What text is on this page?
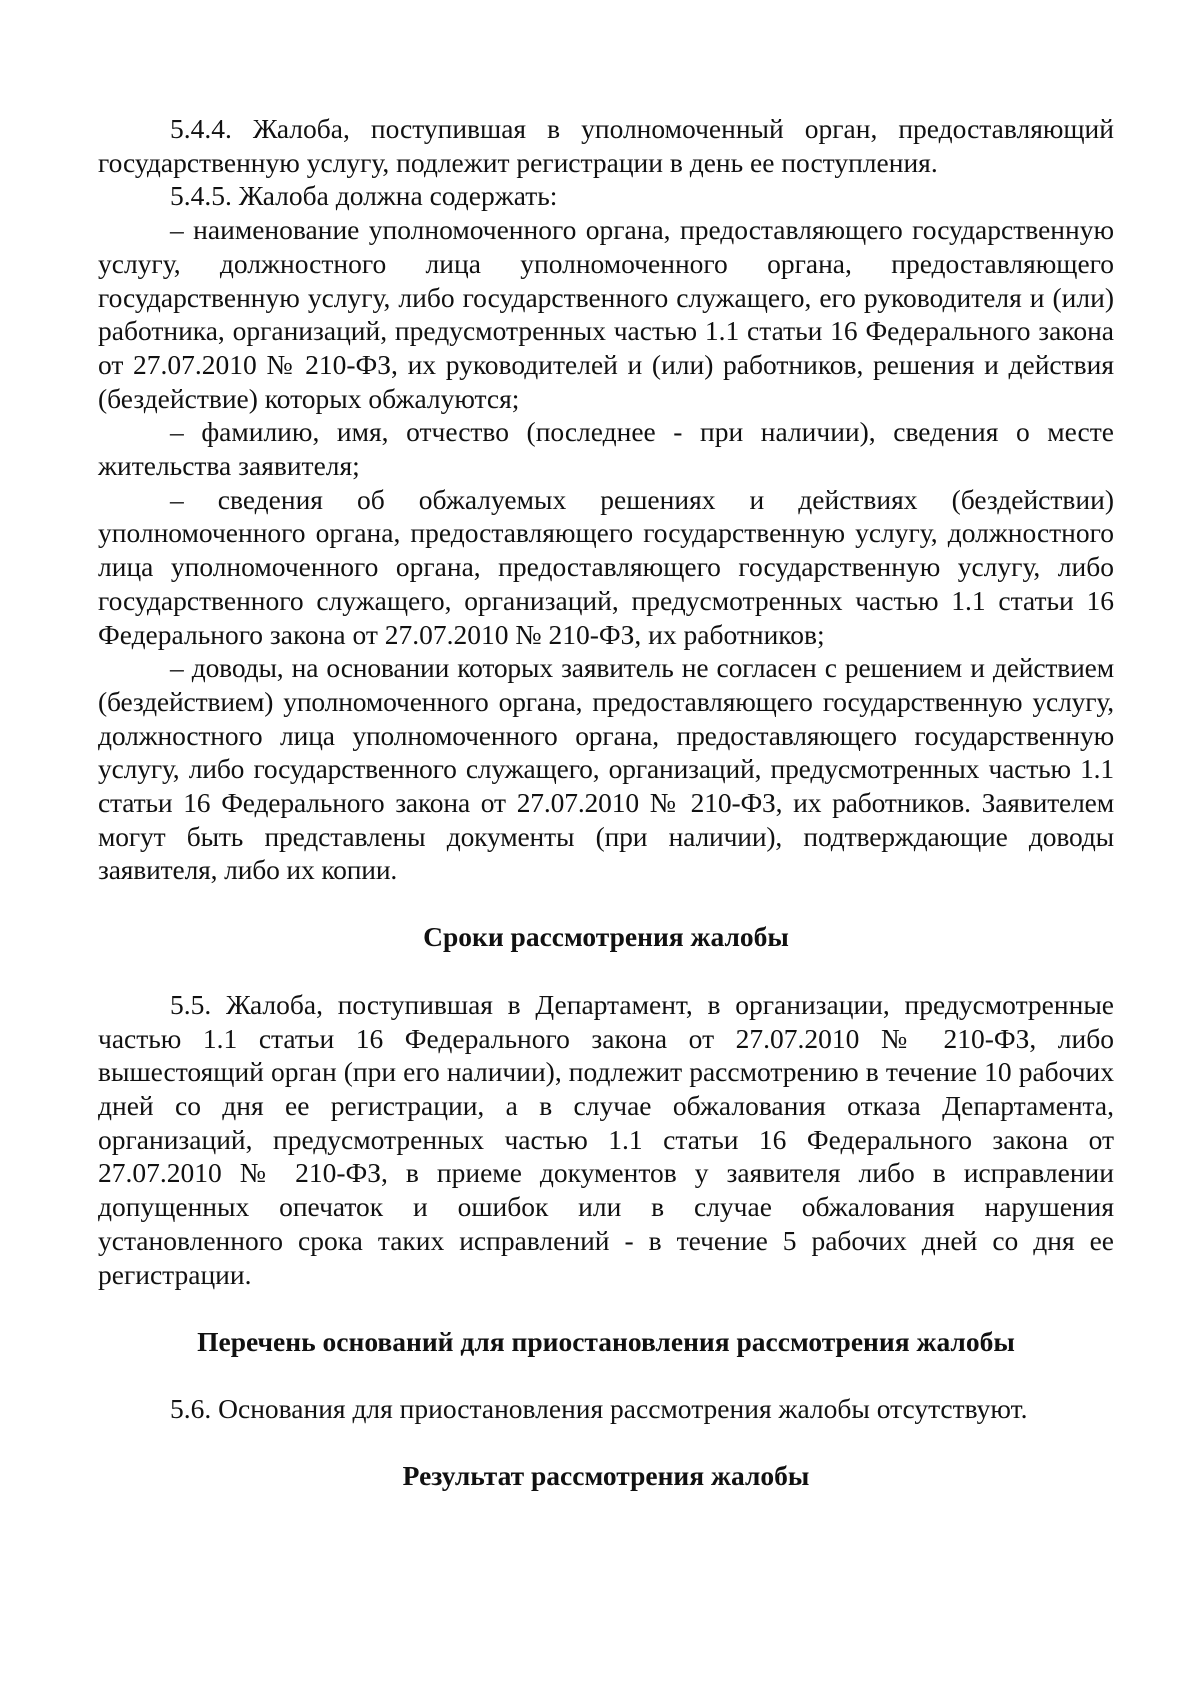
5.4.4. Жалоба, поступившая в уполномоченный орган, предоставляющий государственную услугу, подлежит регистрации в день ее поступления.

5.4.5. Жалоба должна содержать:

– наименование уполномоченного органа, предоставляющего государственную услугу, должностного лица уполномоченного органа, предоставляющего государственную услугу, либо государственного служащего, его руководителя и (или) работника, организаций, предусмотренных частью 1.1 статьи 16 Федерального закона от 27.07.2010 № 210-ФЗ, их руководителей и (или) работников, решения и действия (бездействие) которых обжалуются;

– фамилию, имя, отчество (последнее - при наличии), сведения о месте жительства заявителя;

– сведения об обжалуемых решениях и действиях (бездействии) уполномоченного органа, предоставляющего государственную услугу, должностного лица уполномоченного органа, предоставляющего государственную услугу, либо государственного служащего, организаций, предусмотренных частью 1.1 статьи 16 Федерального закона от 27.07.2010 № 210-ФЗ, их работников;

– доводы, на основании которых заявитель не согласен с решением и действием (бездействием) уполномоченного органа, предоставляющего государственную услугу, должностного лица уполномоченного органа, предоставляющего государственную услугу, либо государственного служащего, организаций, предусмотренных частью 1.1 статьи 16 Федерального закона от 27.07.2010 № 210-ФЗ, их работников. Заявителем могут быть представлены документы (при наличии), подтверждающие доводы заявителя, либо их копии.

Сроки рассмотрения жалобы

5.5. Жалоба, поступившая в Департамент, в организации, предусмотренные частью 1.1 статьи 16 Федерального закона от 27.07.2010 № 210-ФЗ, либо вышестоящий орган (при его наличии), подлежит рассмотрению в течение 10 рабочих дней со дня ее регистрации, а в случае обжалования отказа Департамента, организаций, предусмотренных частью 1.1 статьи 16 Федерального закона от 27.07.2010 № 210-ФЗ, в приеме документов у заявителя либо в исправлении допущенных опечаток и ошибок или в случае обжалования нарушения установленного срока таких исправлений - в течение 5 рабочих дней со дня ее регистрации.

Перечень оснований для приостановления рассмотрения жалобы

5.6. Основания для приостановления рассмотрения жалобы отсутствуют.

Результат рассмотрения жалобы
